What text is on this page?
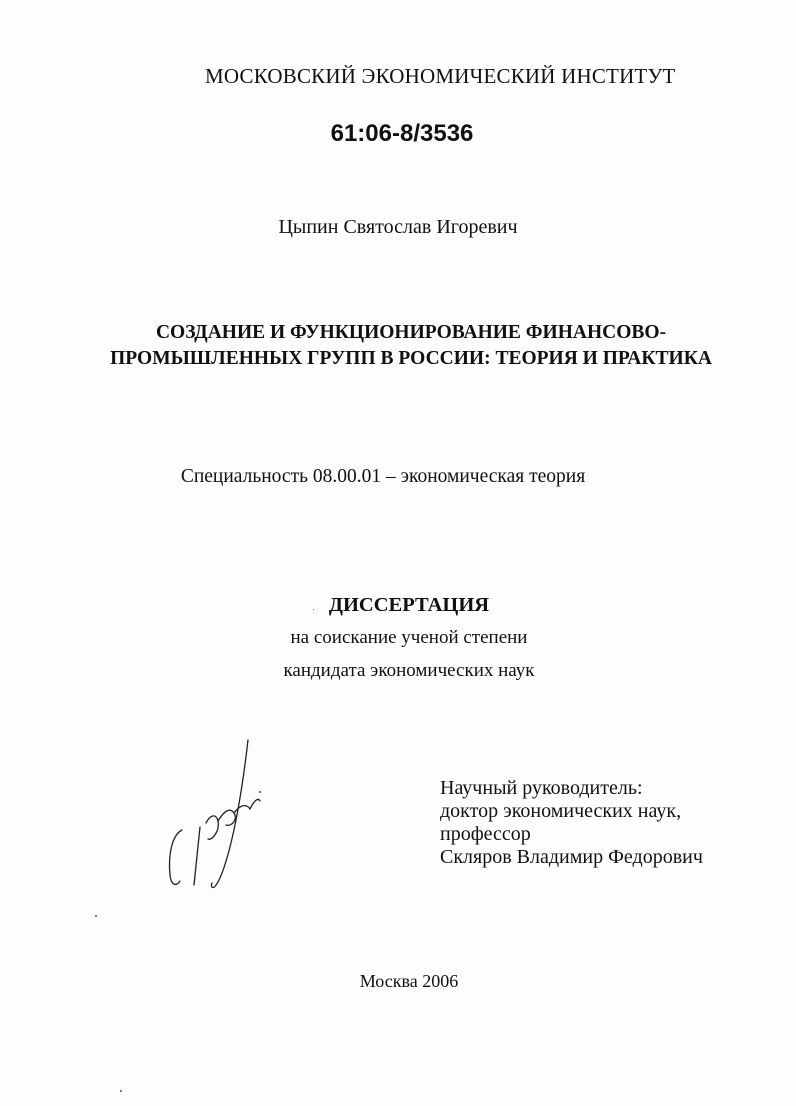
МОСКОВСКИЙ ЭКОНОМИЧЕСКИЙ ИНСТИТУТ
61:06-8/3536
Цыпин Святослав Игоревич
СОЗДАНИЕ И ФУНКЦИОНИРОВАНИЕ ФИНАНСОВО-
ПРОМЫШЛЕННЫХ ГРУПП В РОССИИ: ТЕОРИЯ И ПРАКТИКА
Специальность 08.00.01 – экономическая теория
ДИССЕРТАЦИЯ
на соискание ученой степени
кандидата экономических наук
Научный руководитель:
доктор экономических наук,
профессор
Скляров Владимир Федорович
Москва 2006
